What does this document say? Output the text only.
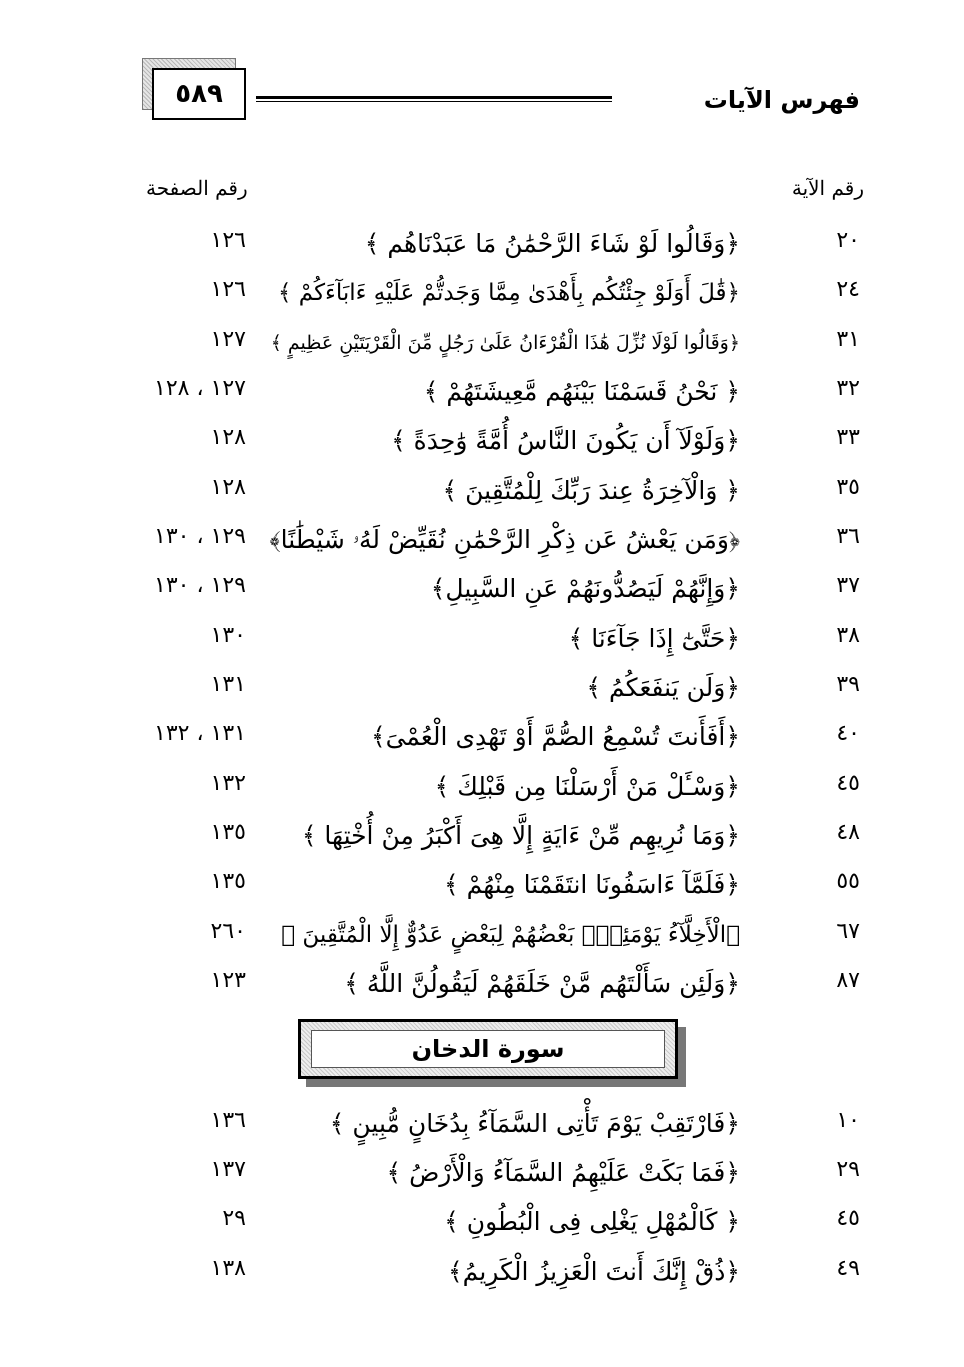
٥٨٩	فهرس الآيات
رقم الآية
رقم الصفحة
٢٠
﴿وَقَالُوا لَوْ شَاءَ الرَّحْمَٰنُ مَا عَبَدْنَاهُم ﴾
١٢٦
٢٤
﴿قَٰلَ أَوَلَوْ جِئْتُكُم بِأَهْدَىٰ مِمَّا وَجَدتُّمْ عَلَيْهِ ءَابَآءَكُمْ ﴾
١٢٦
٣١
﴿وَقَالُوا لَوْلَا نُزِّلَ هَٰذَا الْقُرْءَانُ عَلَىٰ رَجُلٍ مِّنَ الْقَرْيَتَيْنِ عَظِيمٍ ﴾
١٢٧
٣٢
﴿ نَحْنُ قَسَمْنَا بَيْنَهُم مَّعِيشَتَهُمْ ﴾
١٢٧ ، ١٢٨
٣٣
﴿وَلَوْلَآ أَن يَكُونَ النَّاسُ أُمَّةً وَٰحِدَةً ﴾
١٢٨
٣٥
﴿ وَالْآخِرَةُ عِندَ رَبِّكَ لِلْمُتَّقِينَ ﴾
١٢٨
٣٦
﴿وَمَن يَعْشُ عَن ذِكْرِ الرَّحْمَٰنِ نُقَيِّضْ لَهُۥ شَيْطَٰنًا﴾
١٢٩ ، ١٣٠
٣٧
﴿وَإِنَّهُمْ لَيَصُدُّونَهُمْ عَنِ السَّبِيلِ﴾
١٢٩ ، ١٣٠
٣٨
﴿حَتَّىٰٓ إِذَا جَآءَنَا ﴾
١٣٠
٣٩
﴿وَلَن يَنفَعَكُمُ ﴾
١٣١
٤٠
﴿أَفَأَنتَ تُسْمِعُ الصُّمَّ أَوْ تَهْدِى الْعُمْىَ﴾
١٣١ ، ١٣٢
٤٥
﴿وَسْـَٔلْ مَنْ أَرْسَلْنَا مِن قَبْلِكَ ﴾
١٣٢
٤٨
﴿وَمَا نُرِيهِم مِّنْ ءَايَةٍ إِلَّا هِىَ أَكْبَرُ مِنْ أُخْتِهَا ﴾
١٣٥
٥٥
﴿فَلَمَّآ ءَاسَفُونَا انتَقَمْنَا مِنْهُمْ ﴾
١٣٥
٦٧
﴿الْأَخِلَّآءُ يَوْمَئِذٍۭ بَعْضُهُمْ لِبَعْضٍ عَدُوٌّ إِلَّا الْمُتَّقِينَ ﴾
٢٦٠
٨٧
﴿وَلَئِن سَأَلْتَهُم مَّنْ خَلَقَهُمْ لَيَقُولُنَّ اللَّهُ ﴾
١٢٣
سورة الدخان
١٠
﴿فَارْتَقِبْ يَوْمَ تَأْتِى السَّمَآءُ بِدُخَانٍ مُّبِينٍ ﴾
١٣٦
٢٩
﴿فَمَا بَكَتْ عَلَيْهِمُ السَّمَآءُ وَالْأَرْضُ ﴾
١٣٧
٤٥
﴿ كَالْمُهْلِ يَغْلِى فِى الْبُطُونِ ﴾
٢٩
٤٩
﴿ذُقْ إِنَّكَ أَنتَ الْعَزِيزُ الْكَرِيمُ﴾
١٣٨
